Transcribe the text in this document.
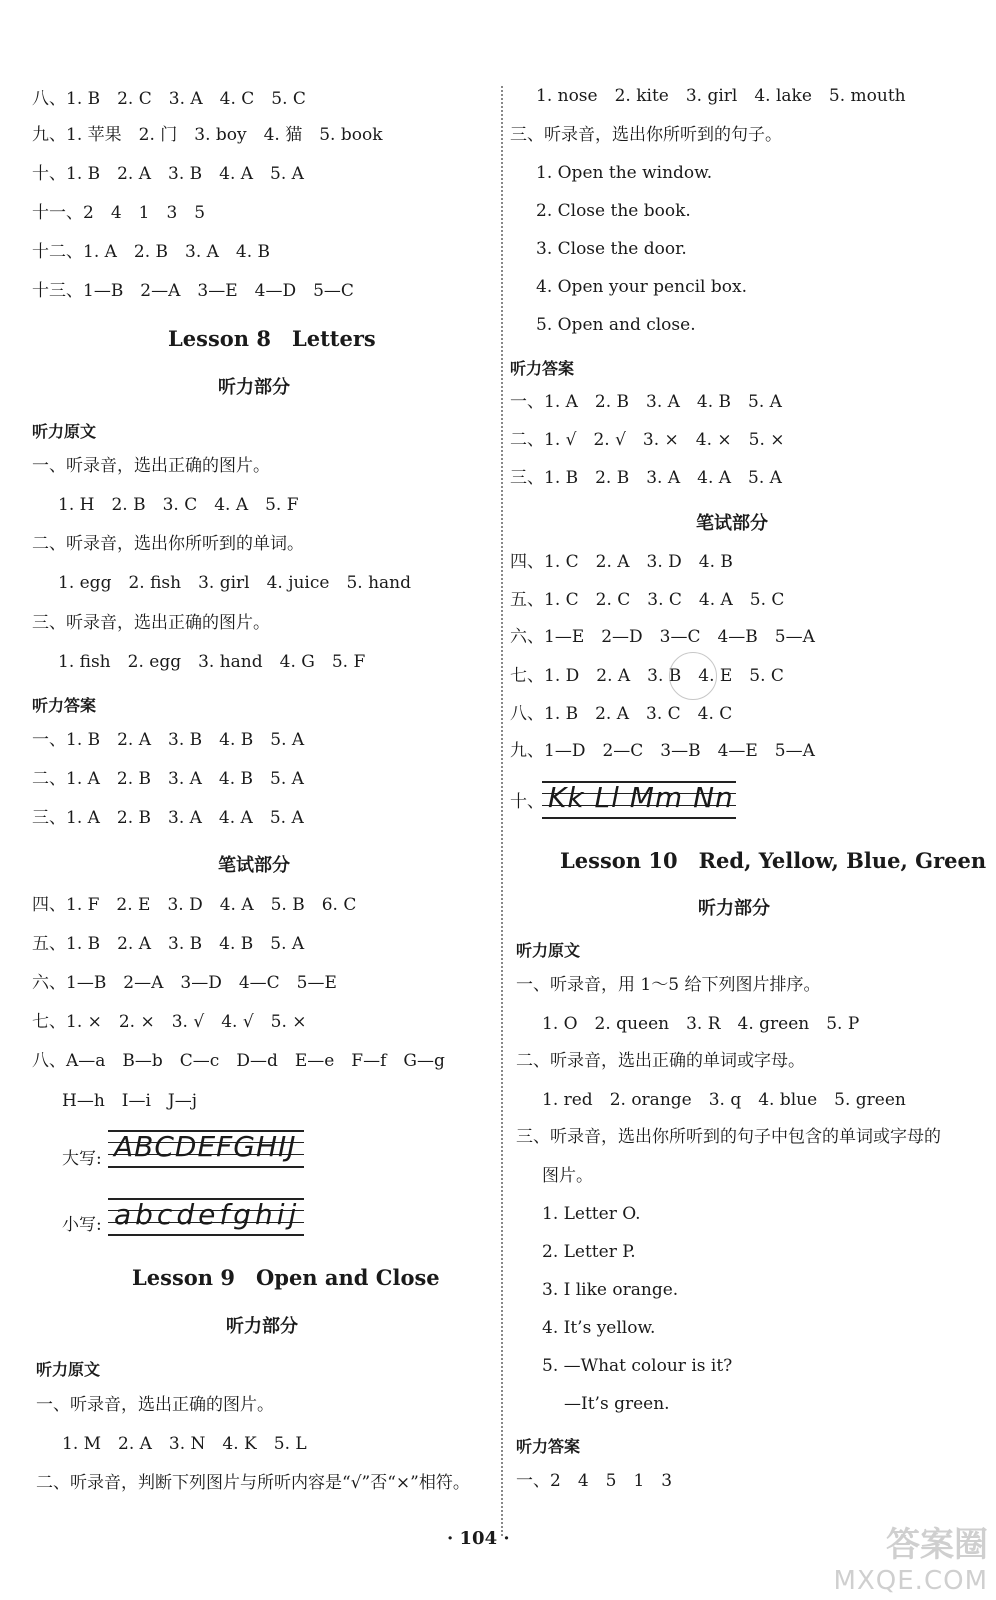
八、1. B　2. C　3. A　4. C　5. C
九、1. 苹果　2. 门　3. boy　4. 猫　5. book
十、1. B　2. A　3. B　4. A　5. A
十一、2　4　1　3　5
十二、1. A　2. B　3. A　4. B
十三、1—B　2—A　3—E　4—D　5—C
Lesson 8　Letters
听力部分
听力原文
一、听录音，选出正确的图片。
1. H　2. B　3. C　4. A　5. F
二、听录音，选出你所听到的单词。
1. egg　2. fish　3. girl　4. juice　5. hand
三、听录音，选出正确的图片。
1. fish　2. egg　3. hand　4. G　5. F
听力答案
一、1. B　2. A　3. B　4. B　5. A
二、1. A　2. B　3. A　4. B　5. A
三、1. A　2. B　3. A　4. A　5. A
笔试部分
四、1. F　2. E　3. D　4. A　5. B　6. C
五、1. B　2. A　3. B　4. B　5. A
六、1—B　2—A　3—D　4—C　5—E
七、1. ×　2. ×　3. √　4. √　5. ×
八、A—a　B—b　C—c　D—d　E—e　F—f　G—g
H—h　I—i　J—j
大写: ABCDEFGHIJ
小写: abcdefghij
Lesson 9　Open and Close
听力部分
听力原文
一、听录音，选出正确的图片。
1. M　2. A　3. N　4. K　5. L
二、听录音，判断下列图片与所听内容是“√”否“×”相符。
1. nose　2. kite　3. girl　4. lake　5. mouth
三、听录音，选出你所听到的句子。
1. Open the window.
2. Close the book.
3. Close the door.
4. Open your pencil box.
5. Open and close.
听力答案
一、1. A　2. B　3. A　4. B　5. A
二、1. √　2. √　3. ×　4. ×　5. ×
三、1. B　2. B　3. A　4. A　5. A
笔试部分
四、1. C　2. A　3. D　4. B
五、1. C　2. C　3. C　4. A　5. C
六、1—E　2—D　3—C　4—B　5—A
七、1. D　2. A　3. B　4. E　5. C
八、1. B　2. A　3. C　4. C
九、1—D　2—C　3—B　4—E　5—A
十、 Kk Ll Mm Nn
Lesson 10　Red, Yellow, Blue, Green
听力部分
听力原文
一、听录音，用 1～5 给下列图片排序。
1. O　2. queen　3. R　4. green　5. P
二、听录音，选出正确的单词或字母。
1. red　2. orange　3. q　4. blue　5. green
三、听录音，选出你所听到的句子中包含的单词或字母的
图片。
1. Letter O.
2. Letter P.
3. I like orange.
4. It’s yellow.
5. —What colour is it?
—It’s green.
听力答案
一、2　4　5　1　3
· 104 ·	答案圈
MXQE.COM
